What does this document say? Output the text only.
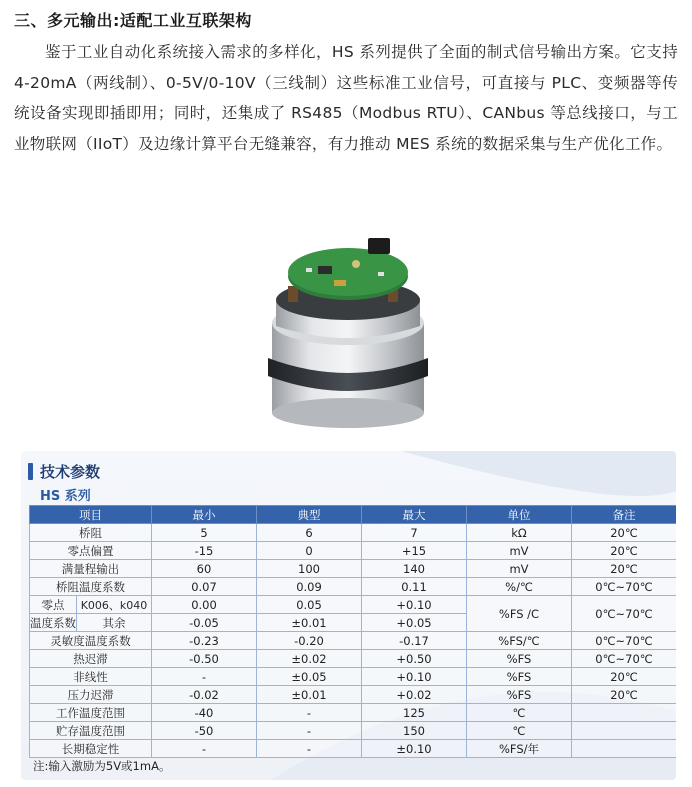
三、多元输出:适配工业互联架构

鉴于工业自动化系统接入需求的多样化，HS 系列提供了全面的制式信号输出方案。它支持 4-20mA（两线制）、0-5V/0-10V（三线制）这些标准工业信号，可直接与 PLC、变频器等传统设备实现即插即用；同时，还集成了 RS485（Modbus RTU）、CANbus 等总线接口，与工业物联网（IIoT）及边缘计算平台无缝兼容，有力推动 MES 系统的数据采集与生产优化工作。

技术参数
HS 系列
项目	最小	典型	最大	单位	备注
桥阻	5	6	7	kΩ	20℃
零点偏置	-15	0	+15	mV	20℃
满量程输出	60	100	140	mV	20℃
桥阻温度系数	0.07	0.09	0.11	%/℃	0℃~70℃

零点 K006、k040	0.00	0.05	+0.10	%FS /C	0℃~70℃

温度系数 其余	-0.05	±0.01	+0.05		
灵敏度温度系数	-0.23	-0.20	-0.17	%FS/℃	0℃~70℃
热迟滞	-0.50	±0.02	+0.50	%FS	0℃~70℃
非线性	-	±0.05	+0.10	%FS	20℃
压力迟滞	-0.02	±0.01	+0.02	%FS	20℃
工作温度范围	-40	-	125	℃	
贮存温度范围	-50	-	150	℃	
长期稳定性	-	-	±0.10	%FS/年	
注:输入激励为5V或1mA。
